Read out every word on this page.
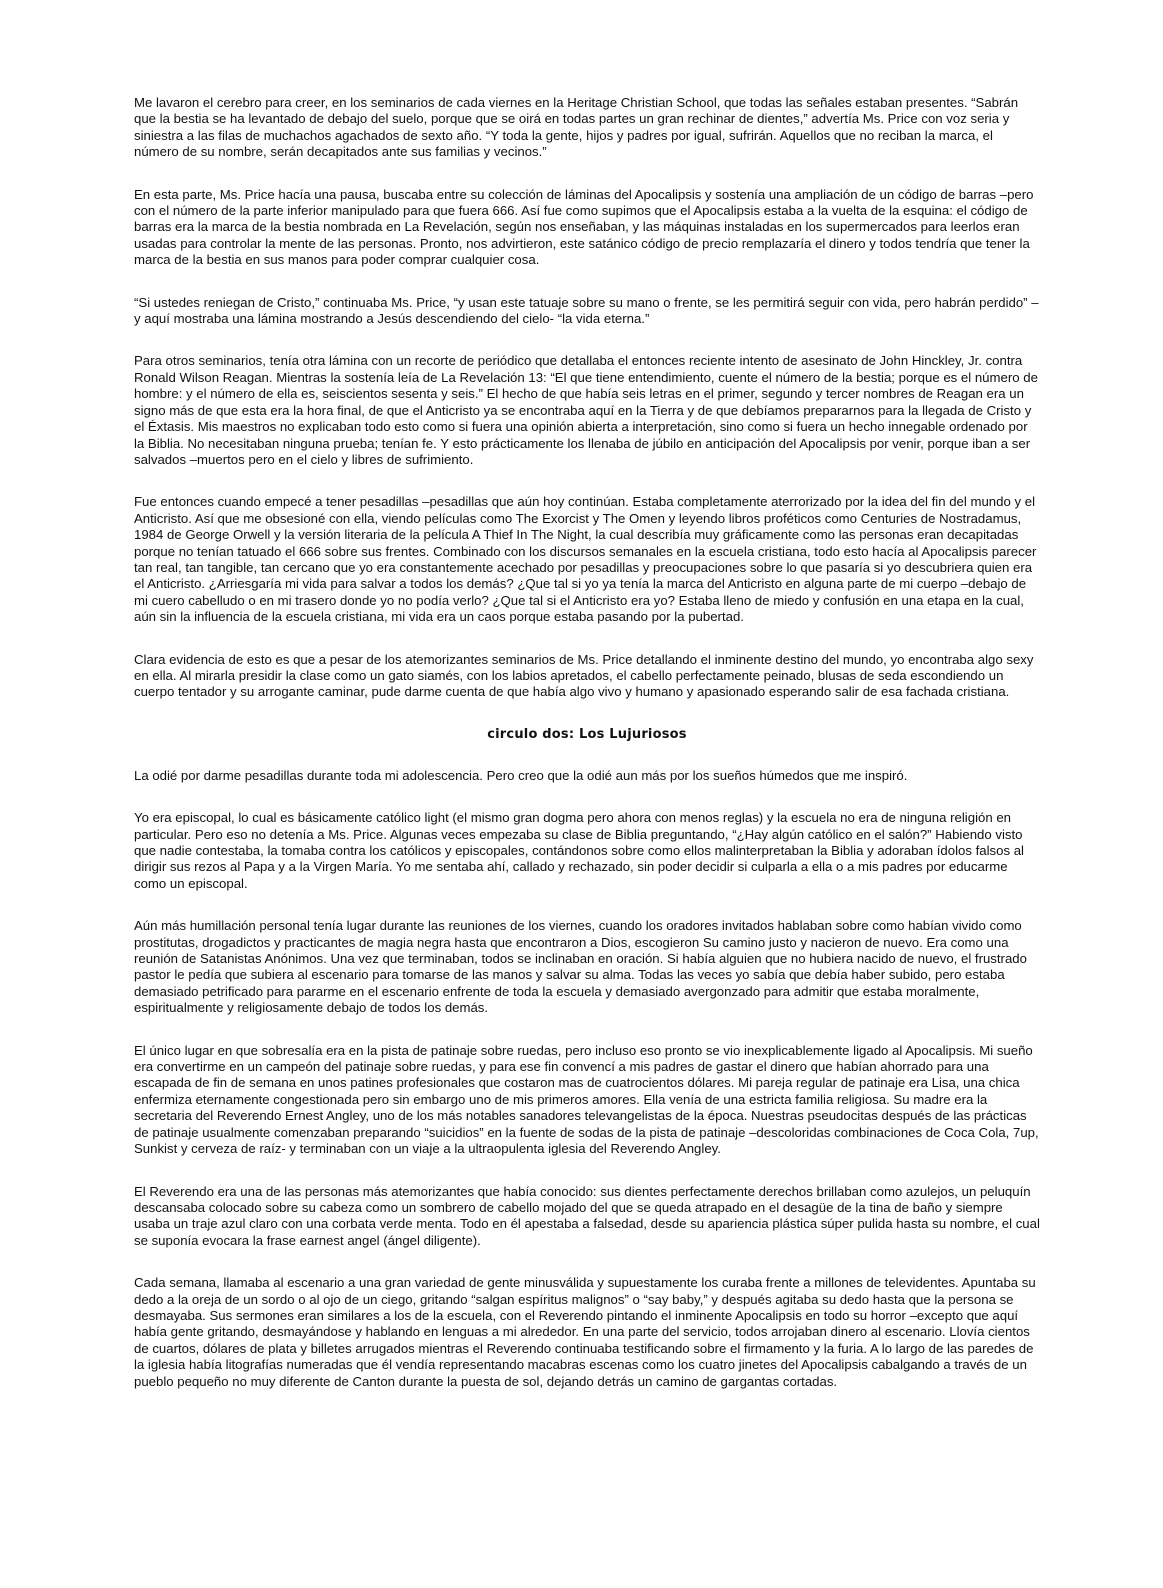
Me lavaron el cerebro para creer, en los seminarios de cada viernes en la Heritage Christian School, que todas las señales estaban presentes. “Sabrán que la bestia se ha levantado de debajo del suelo, porque que se oirá en todas partes un gran rechinar de dientes,” advertía Ms. Price con voz seria y siniestra a las filas de muchachos agachados de sexto año. “Y toda la gente, hijos y padres por igual, sufrirán. Aquellos que no reciban la marca, el número de su nombre, serán decapitados ante sus familias y vecinos.”

En esta parte, Ms. Price hacía una pausa, buscaba entre su colección de láminas del Apocalipsis y sostenía una ampliación de un código de barras –pero con el número de la parte inferior manipulado para que fuera 666. Así fue como supimos que el Apocalipsis estaba a la vuelta de la esquina: el código de barras era la marca de la bestia nombrada en La Revelación, según nos enseñaban, y las máquinas instaladas en los supermercados para leerlos eran usadas para controlar la mente de las personas. Pronto, nos advirtieron, este satánico código de precio remplazaría el dinero y todos tendría que tener la marca de la bestia en sus manos para poder comprar cualquier cosa.

“Si ustedes reniegan de Cristo,” continuaba Ms. Price, “y usan este tatuaje sobre su mano o frente, se les permitirá seguir con vida, pero habrán perdido” –y aquí mostraba una lámina mostrando a Jesús descendiendo del cielo- “la vida eterna.”

Para otros seminarios, tenía otra lámina con un recorte de periódico que detallaba el entonces reciente intento de asesinato de John Hinckley, Jr. contra Ronald Wilson Reagan. Mientras la sostenía leía de La Revelación 13: “El que tiene entendimiento, cuente el número de la bestia; porque es el número de hombre: y el número de ella es, seiscientos sesenta y seis.” El hecho de que había seis letras en el primer, segundo y tercer nombres de Reagan era un signo más de que esta era la hora final, de que el Anticristo ya se encontraba aquí en la Tierra y de que debíamos prepararnos para la llegada de Cristo y el Éxtasis. Mis maestros no explicaban todo esto como si fuera una opinión abierta a interpretación, sino como si fuera un hecho innegable ordenado por la Biblia. No necesitaban ninguna prueba; tenían fe. Y esto prácticamente los llenaba de júbilo en anticipación del Apocalipsis por venir, porque iban a ser salvados –muertos pero en el cielo y libres de sufrimiento.

Fue entonces cuando empecé a tener pesadillas –pesadillas que aún hoy continúan. Estaba completamente aterrorizado por la idea del fin del mundo y el Anticristo. Así que me obsesioné con ella, viendo películas como The Exorcist y The Omen y leyendo libros proféticos como Centuries de Nostradamus, 1984 de George Orwell y la versión literaria de la película A Thief In The Night, la cual describía muy gráficamente como las personas eran decapitadas porque no tenían tatuado el 666 sobre sus frentes. Combinado con los discursos semanales en la escuela cristiana, todo esto hacía al Apocalipsis parecer tan real, tan tangible, tan cercano que yo era constantemente acechado por pesadillas y preocupaciones sobre lo que pasaría si yo descubriera quien era el Anticristo. ¿Arriesgaría mi vida para salvar a todos los demás? ¿Que tal si yo ya tenía la marca del Anticristo en alguna parte de mi cuerpo –debajo de mi cuero cabelludo o en mi trasero donde yo no podía verlo? ¿Que tal si el Anticristo era yo? Estaba lleno de miedo y confusión en una etapa en la cual, aún sin la influencia de la escuela cristiana, mi vida era un caos porque estaba pasando por la pubertad.

Clara evidencia de esto es que a pesar de los atemorizantes seminarios de Ms. Price detallando el inminente destino del mundo, yo encontraba algo sexy en ella. Al mirarla presidir la clase como un gato siamés, con los labios apretados, el cabello perfectamente peinado, blusas de seda escondiendo un cuerpo tentador y su arrogante caminar, pude darme cuenta de que había algo vivo y humano y apasionado esperando salir de esa fachada cristiana.

circulo dos: Los Lujuriosos

La odié por darme pesadillas durante toda mi adolescencia. Pero creo que la odié aun más por los sueños húmedos que me inspiró.

Yo era episcopal, lo cual es básicamente católico light (el mismo gran dogma pero ahora con menos reglas) y la escuela no era de ninguna religión en particular. Pero eso no detenía a Ms. Price. Algunas veces empezaba su clase de Biblia preguntando, “¿Hay algún católico en el salón?” Habiendo visto que nadie contestaba, la tomaba contra los católicos y episcopales, contándonos sobre como ellos malinterpretaban la Biblia y adoraban ídolos falsos al dirigir sus rezos al Papa y a la Virgen María. Yo me sentaba ahí, callado y rechazado, sin poder decidir si culparla a ella o a mis padres por educarme como un episcopal.

Aún más humillación personal tenía lugar durante las reuniones de los viernes, cuando los oradores invitados hablaban sobre como habían vivido como prostitutas, drogadictos y practicantes de magia negra hasta que encontraron a Dios, escogieron Su camino justo y nacieron de nuevo. Era como una reunión de Satanistas Anónimos. Una vez que terminaban, todos se inclinaban en oración. Si había alguien que no hubiera nacido de nuevo, el frustrado pastor le pedía que subiera al escenario para tomarse de las manos y salvar su alma. Todas las veces yo sabía que debía haber subido, pero estaba demasiado petrificado para pararme en el escenario enfrente de toda la escuela y demasiado avergonzado para admitir que estaba moralmente, espiritualmente y religiosamente debajo de todos los demás.

El único lugar en que sobresalía era en la pista de patinaje sobre ruedas, pero incluso eso pronto se vio inexplicablemente ligado al Apocalipsis. Mi sueño era convertirme en un campeón del patinaje sobre ruedas, y para ese fin convencí a mis padres de gastar el dinero que habían ahorrado para una escapada de fin de semana en unos patines profesionales que costaron mas de cuatrocientos dólares. Mi pareja regular de patinaje era Lisa, una chica enfermiza eternamente congestionada pero sin embargo uno de mis primeros amores. Ella venía de una estricta familia religiosa. Su madre era la secretaria del Reverendo Ernest Angley, uno de los más notables sanadores televangelistas de la época. Nuestras pseudocitas después de las prácticas de patinaje usualmente comenzaban preparando “suicidios” en la fuente de sodas de la pista de patinaje –descoloridas combinaciones de Coca Cola, 7up, Sunkist y cerveza de raíz- y terminaban con un viaje a la ultraopulenta iglesia del Reverendo Angley.

El Reverendo era una de las personas más atemorizantes que había conocido: sus dientes perfectamente derechos brillaban como azulejos, un peluquín descansaba colocado sobre su cabeza como un sombrero de cabello mojado del que se queda atrapado en el desagüe de la tina de baño y siempre usaba un traje azul claro con una corbata verde menta. Todo en él apestaba a falsedad, desde su apariencia plástica súper pulida hasta su nombre, el cual se suponía evocara la frase earnest angel (ángel diligente).

Cada semana, llamaba al escenario a una gran variedad de gente minusválida y supuestamente los curaba frente a millones de televidentes. Apuntaba su dedo a la oreja de un sordo o al ojo de un ciego, gritando “salgan espíritus malignos” o “say baby,” y después agitaba su dedo hasta que la persona se desmayaba. Sus sermones eran similares a los de la escuela, con el Reverendo pintando el inminente Apocalipsis en todo su horror –excepto que aquí había gente gritando, desmayándose y hablando en lenguas a mi alrededor. En una parte del servicio, todos arrojaban dinero al escenario. Llovía cientos de cuartos, dólares de plata y billetes arrugados mientras el Reverendo continuaba testificando sobre el firmamento y la furia. A lo largo de las paredes de la iglesia había litografías numeradas que él vendía representando macabras escenas como los cuatro jinetes del Apocalipsis cabalgando a través de un pueblo pequeño no muy diferente de Canton durante la puesta de sol, dejando detrás un camino de gargantas cortadas.
